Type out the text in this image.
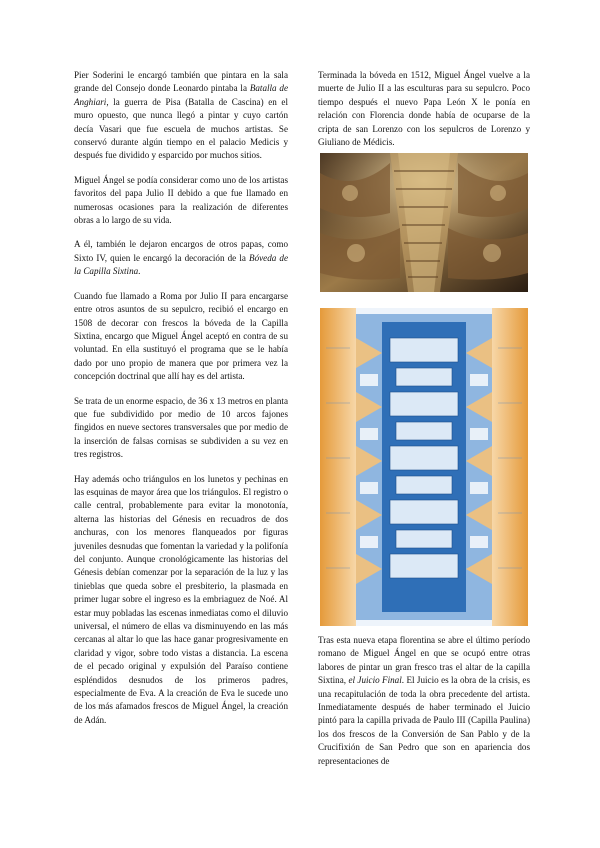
Pier Soderini le encargó también que pintara en la sala grande del Consejo donde Leonardo pintaba la Batalla de Anghiari, la guerra de Pisa (Batalla de Cascina) en el muro opuesto, que nunca llegó a pintar y cuyo cartón decía Vasari que fue escuela de muchos artistas. Se conservó durante algún tiempo en el palacio Medicis y después fue dividido y esparcido por muchos sitios.

Miguel Ángel se podía considerar como uno de los artistas favoritos del papa Julio II debido a que fue llamado en numerosas ocasiones para la realización de diferentes obras a lo largo de su vida.

A él, también le dejaron encargos de otros papas, como Sixto IV, quien le encargó la decoración de la Bóveda de la Capilla Sixtina.

Cuando fue llamado a Roma por Julio II para encargarse entre otros asuntos de su sepulcro, recibió el encargo en 1508 de decorar con frescos la bóveda de la Capilla Sixtina, encargo que Miguel Ángel aceptó en contra de su voluntad. En ella sustituyó el programa que se le había dado por uno propio de manera que por primera vez la concepción doctrinal que allí hay es del artista.

Se trata de un enorme espacio, de 36 x 13 metros en planta que fue subdividido por medio de 10 arcos fajones fingidos en nueve sectores transversales que por medio de la inserción de falsas cornisas se subdividen a su vez en tres registros.

Hay además ocho triángulos en los lunetos y pechinas en las esquinas de mayor área que los triángulos. El registro o calle central, probablemente para evitar la monotonía, alterna las historias del Génesis en recuadros de dos anchuras, con los menores flanqueados por figuras juveniles desnudas que fomentan la variedad y la polifonía del conjunto. Aunque cronológicamente las historias del Génesis debían comenzar por la separación de la luz y las tinieblas que queda sobre el presbiterio, la plasmada en primer lugar sobre el ingreso es la embriaguez de Noé. Al estar muy pobladas las escenas inmediatas como el diluvio universal, el número de ellas va disminuyendo en las más cercanas al altar lo que las hace ganar progresivamente en claridad y vigor, sobre todo vistas a distancia. La escena de el pecado original y expulsión del Paraíso contiene espléndidos desnudos de los primeros padres, especialmente de Eva. A la creación de Eva le sucede uno de los más afamados frescos de Miguel Ángel, la creación de Adán.

Terminada la bóveda en 1512, Miguel Ángel vuelve a la muerte de Julio II a las esculturas para su sepulcro. Poco tiempo después el nuevo Papa León X le ponía en relación con Florencia donde había de ocuparse de la cripta de san Lorenzo con los sepulcros de Lorenzo y Giuliano de Médicis.

Tras esta nueva etapa florentina se abre el último período romano de Miguel Ángel en que se ocupó entre otras labores de pintar un gran fresco tras el altar de la capilla Sixtina, el Juicio Final. El Juicio es la obra de la crisis, es una recapitulación de toda la obra precedente del artista. Inmediatamente después de haber terminado el Juicio pintó para la capilla privada de Paulo III (Capilla Paulina) los dos frescos de la Conversión de San Pablo y de la Crucifixión de San Pedro que son en apariencia dos representaciones de
